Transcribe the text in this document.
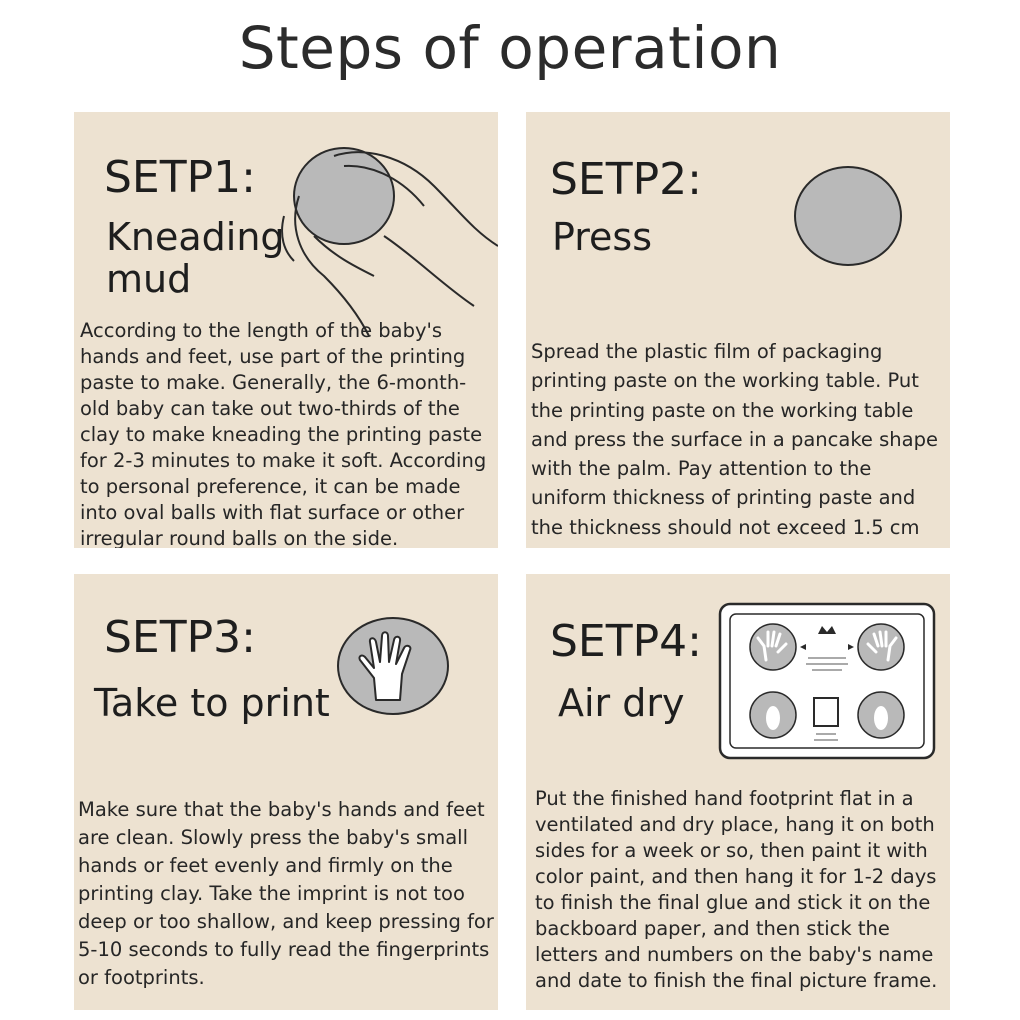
Steps of operation
SETP1:
Kneading
mud
According to the length of the baby's hands and feet, use part of the printing paste to make. Generally, the 6-month-old baby can take out two-thirds of the clay to make kneading the printing paste for 2-3 minutes to make it soft. According to personal preference, it can be made into oval balls with flat surface or other irregular round balls on the side.
SETP2:
Press
Spread the plastic film of packaging printing paste on the working table. Put the printing paste on the working table and press the surface in a pancake shape with the palm. Pay attention to the uniform thickness of printing paste and the thickness should not exceed 1.5 cm
SETP3:
Take to print
Make sure that the baby's hands and feet are clean. Slowly press the baby's small hands or feet evenly and firmly on the printing clay. Take the imprint is not too deep or too shallow, and keep pressing for 5-10 seconds to fully read the fingerprints or footprints.
SETP4:
Air dry
Put the finished hand footprint flat in a ventilated and dry place, hang it on both sides for a week or so, then paint it with color paint, and then hang it for 1-2 days to finish the final glue and stick it on the backboard paper, and then stick the letters and numbers on the baby's name and date to finish the final picture frame.
